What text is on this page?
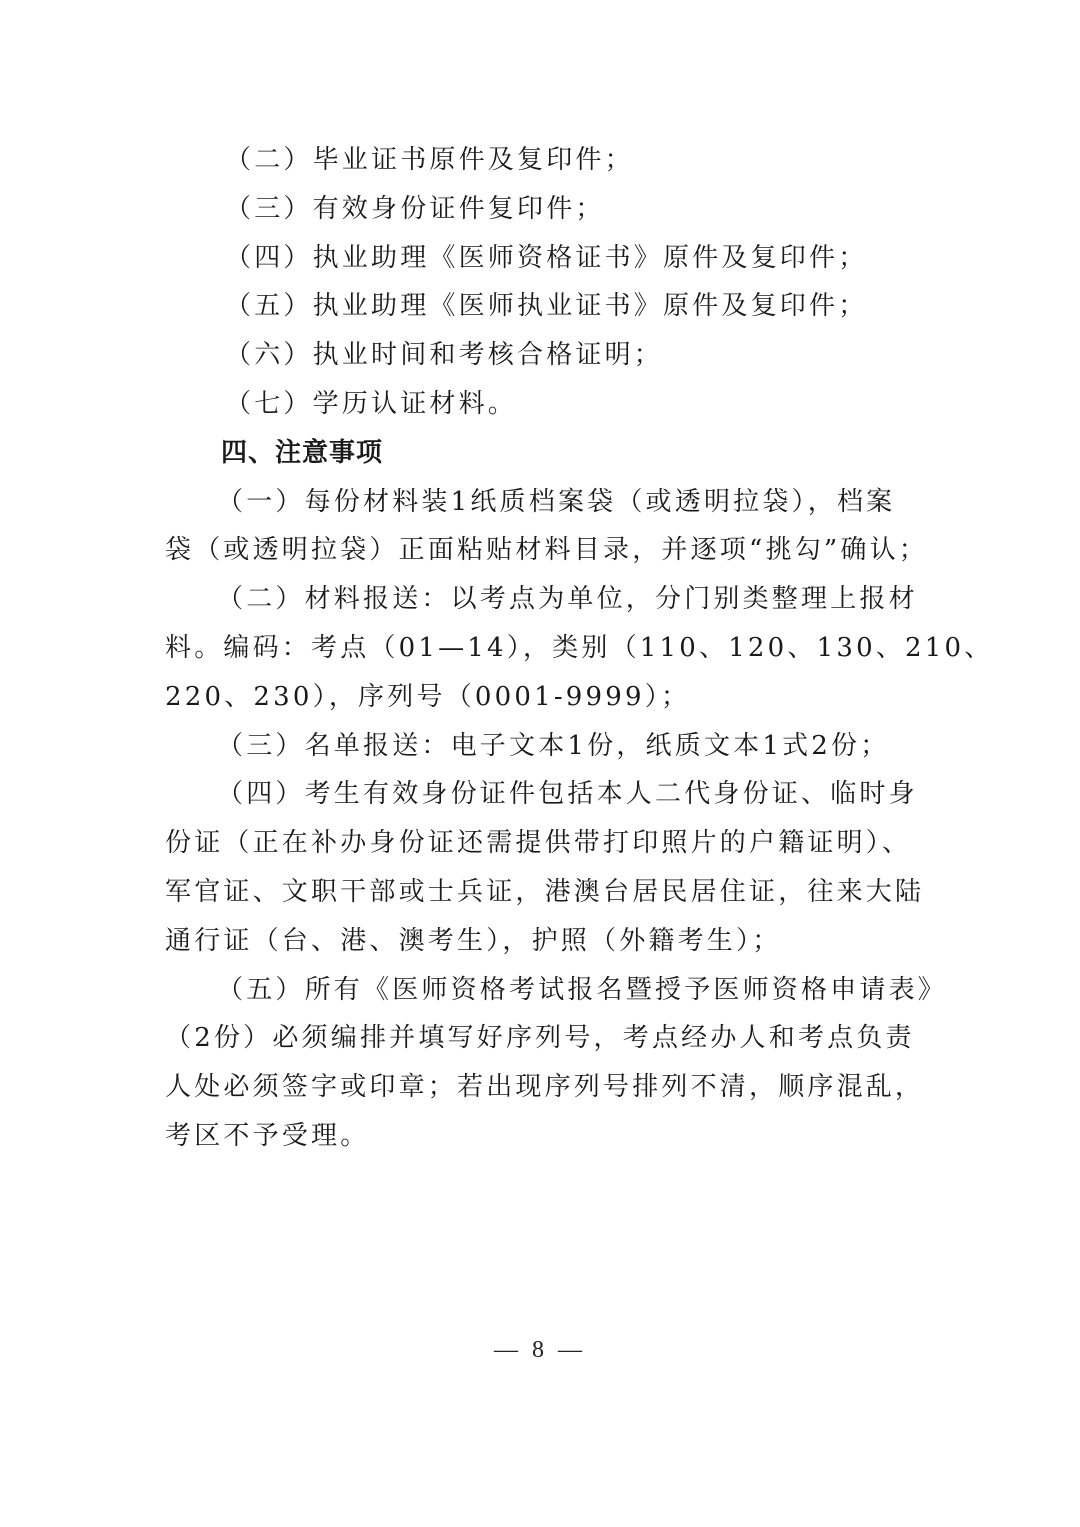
（二）毕业证书原件及复印件；
（三）有效身份证件复印件；
（四）执业助理《医师资格证书》原件及复印件；
（五）执业助理《医师执业证书》原件及复印件；
（六）执业时间和考核合格证明；
（七）学历认证材料。
四、注意事项
（一）每份材料装1纸质档案袋（或透明拉袋），档案
袋（或透明拉袋）正面粘贴材料目录，并逐项“挑勾”确认；
（二）材料报送：以考点为单位，分门别类整理上报材
料。编码：考点（01—14），类别（110、120、130、210、
220、230），序列号（0001-9999）；
（三）名单报送：电子文本1份，纸质文本1式2份；
（四）考生有效身份证件包括本人二代身份证、临时身
份证（正在补办身份证还需提供带打印照片的户籍证明）、
军官证、文职干部或士兵证，港澳台居民居住证，往来大陆
通行证（台、港、澳考生），护照（外籍考生）；
（五）所有《医师资格考试报名暨授予医师资格申请表》
（2份）必须编排并填写好序列号，考点经办人和考点负责
人处必须签字或印章；若出现序列号排列不清，顺序混乱，
考区不予受理。
— 8 —
